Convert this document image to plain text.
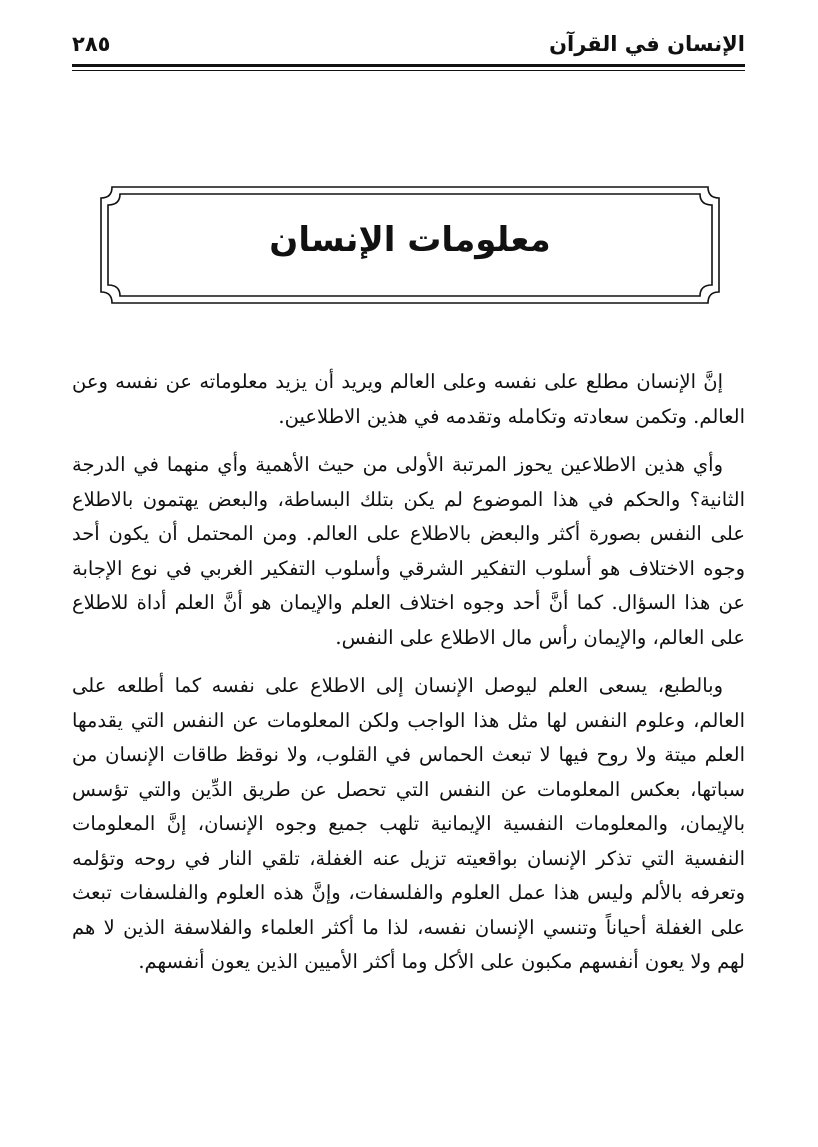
الإنسان في القرآن
٢٨٥
معلومات الإنسان

إنَّ الإنسان مطلع على نفسه وعلى العالم ويريد أن يزيد معلوماته عن نفسه وعن العالم. وتكمن سعادته وتكامله وتقدمه في هذين الاطلاعين.

وأي هذين الاطلاعين يحوز المرتبة الأولى من حيث الأهمية وأي منهما في الدرجة الثانية؟ والحكم في هذا الموضوع لم يكن بتلك البساطة، والبعض يهتمون بالاطلاع على النفس بصورة أكثر والبعض بالاطلاع على العالم. ومن المحتمل أن يكون أحد وجوه الاختلاف هو أسلوب التفكير الشرقي وأسلوب التفكير الغربي في نوع الإجابة عن هذا السؤال. كما أنَّ أحد وجوه اختلاف العلم والإيمان هو أنَّ العلم أداة للاطلاع على العالم، والإيمان رأس مال الاطلاع على النفس.

وبالطبع، يسعى العلم ليوصل الإنسان إلى الاطلاع على نفسه كما أطلعه على العالم، وعلوم النفس لها مثل هذا الواجب ولكن المعلومات عن النفس التي يقدمها العلم ميتة ولا روح فيها لا تبعث الحماس في القلوب، ولا نوقظ طاقات الإنسان من سباتها، بعكس المعلومات عن النفس التي تحصل عن طريق الدِّين والتي تؤسس بالإيمان، والمعلومات النفسية الإيمانية تلهب جميع وجوه الإنسان، إنَّ المعلومات النفسية التي تذكر الإنسان بواقعيته تزيل عنه الغفلة، تلقي النار في روحه وتؤلمه وتعرفه بالألم وليس هذا عمل العلوم والفلسفات، وإنَّ هذه العلوم والفلسفات تبعث على الغفلة أحياناً وتنسي الإنسان نفسه، لذا ما أكثر العلماء والفلاسفة الذين لا هم لهم ولا يعون أنفسهم مكبون على الأكل وما أكثر الأميين الذين يعون أنفسهم.
